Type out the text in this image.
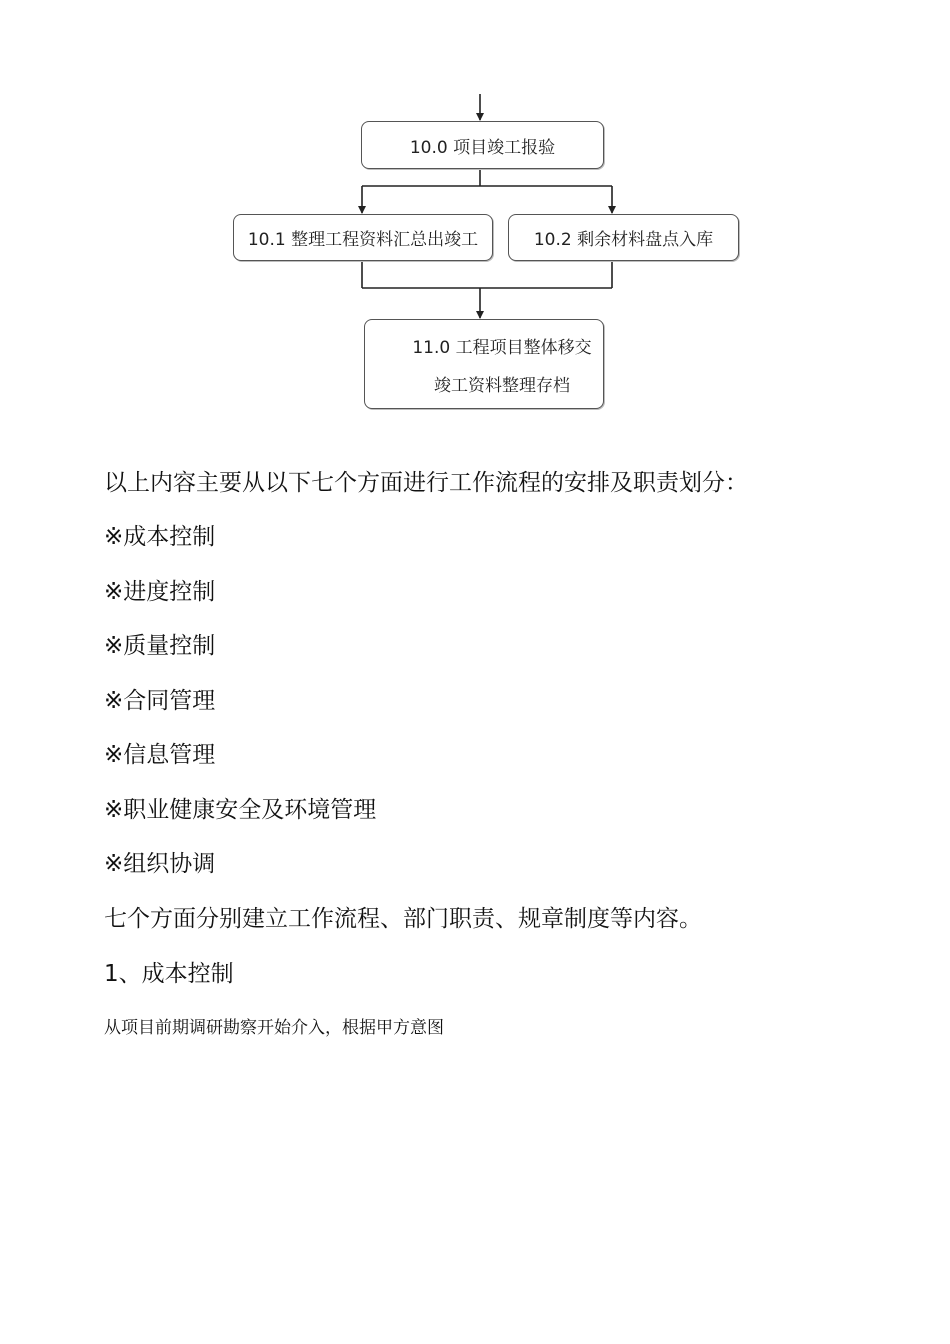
10.0 项目竣工报验
10.1 整理工程资料汇总出竣工	10.2 剩余材料盘点入库
11.0 工程项目整体移交
竣工资料整理存档
以上内容主要从以下七个方面进行工作流程的安排及职责划分：
※成本控制
※进度控制
※质量控制
※合同管理
※信息管理
※职业健康安全及环境管理
※组织协调
七个方面分别建立工作流程、部门职责、规章制度等内容。
1、成本控制
从项目前期调研勘察开始介入，根据甲方意图
